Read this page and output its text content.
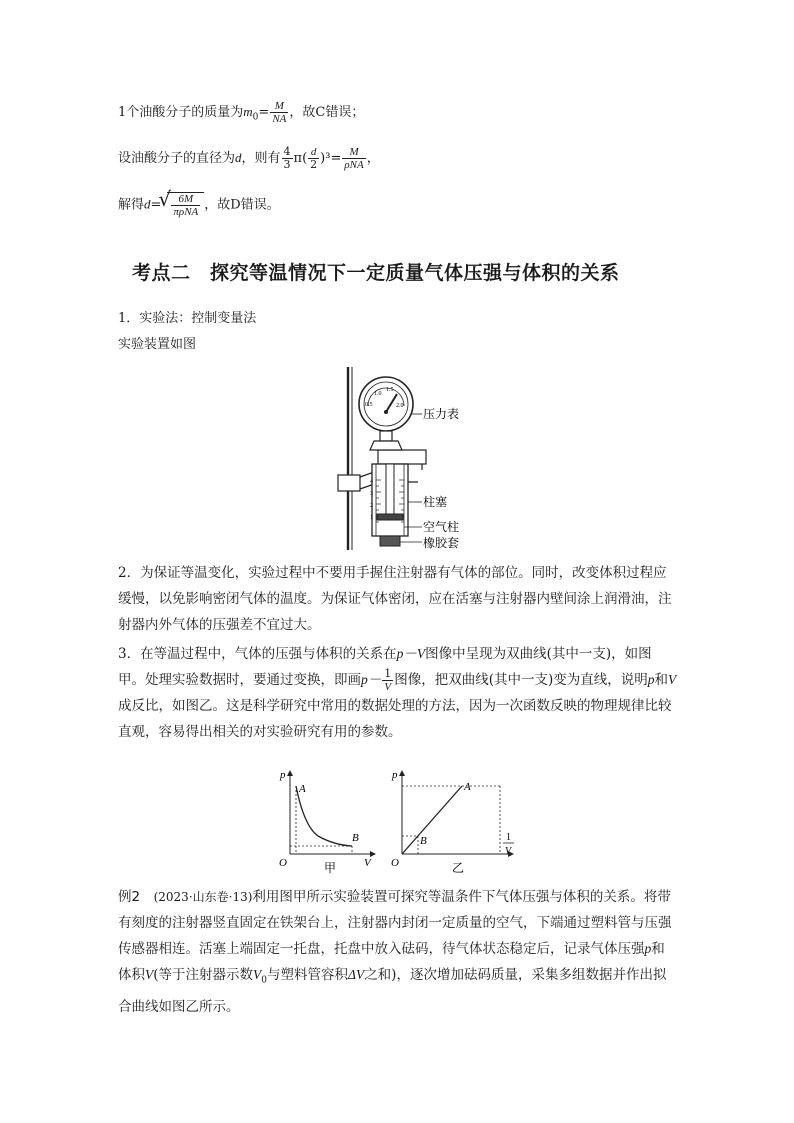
1个油酸分子的质量为$m_0= \frac{M}{NA}$ ，故C错误；
设油酸分子的直径为d，则有 $\frac{4}{3} \pi( \frac{d}{2} )^3= \frac{M}{\text{ρNA}}$ ，
解得d=
√ $\frac{6M}{\text{πρNA}}$ ，故D错误。
考点二　探究等温情况下一定质量气体压强与体积的关系
1．实验法：控制变量法
实验装置如图
1.0
1.5
0.5	2.0
4
3
2
1
压力表
柱塞
空气柱
橡胶套

2．为保证等温变化，实验过程中不要用手握住注射器有气体的部位。同时，改变体积过程应缓慢，以免影响密闭气体的温度。为保证气体密闭，应在活塞与注射器内壁间涂上润滑油，注射器内外气体的压强差不宜过大。

3．在等温过程中，气体的压强与体积的关系在p－V图像中呈现为双曲线(其中一支)，如图甲。处理实验数据时，要通过变换，即画$p- \frac{1}{V}$ 图像，把双曲线(其中一支)变为直线，说明p和V成反比，如图乙。这是科学研究中常用的数据处理的方法，因为一次函数反映的物理规律比较直观，容易得出相关的对实验研究有用的参数。

p
V
O
A
B
甲
p
1
V
O
A
B
乙

例2　 (2023·山东卷·13)利用图甲所示实验装置可探究等温条件下气体压强与体积的关系。将带有刻度的注射器竖直固定在铁架台上，注射器内封闭一定质量的空气，下端通过塑料管与压强传感器相连。活塞上端固定一托盘，托盘中放入砝码，待气体状态稳定后，记录气体压强p和体积V(等于注射器示数$V_0$与塑料管容积ΔV之和)，逐次增加砝码质量，采集多组数据并作出拟合曲线如图乙所示。
